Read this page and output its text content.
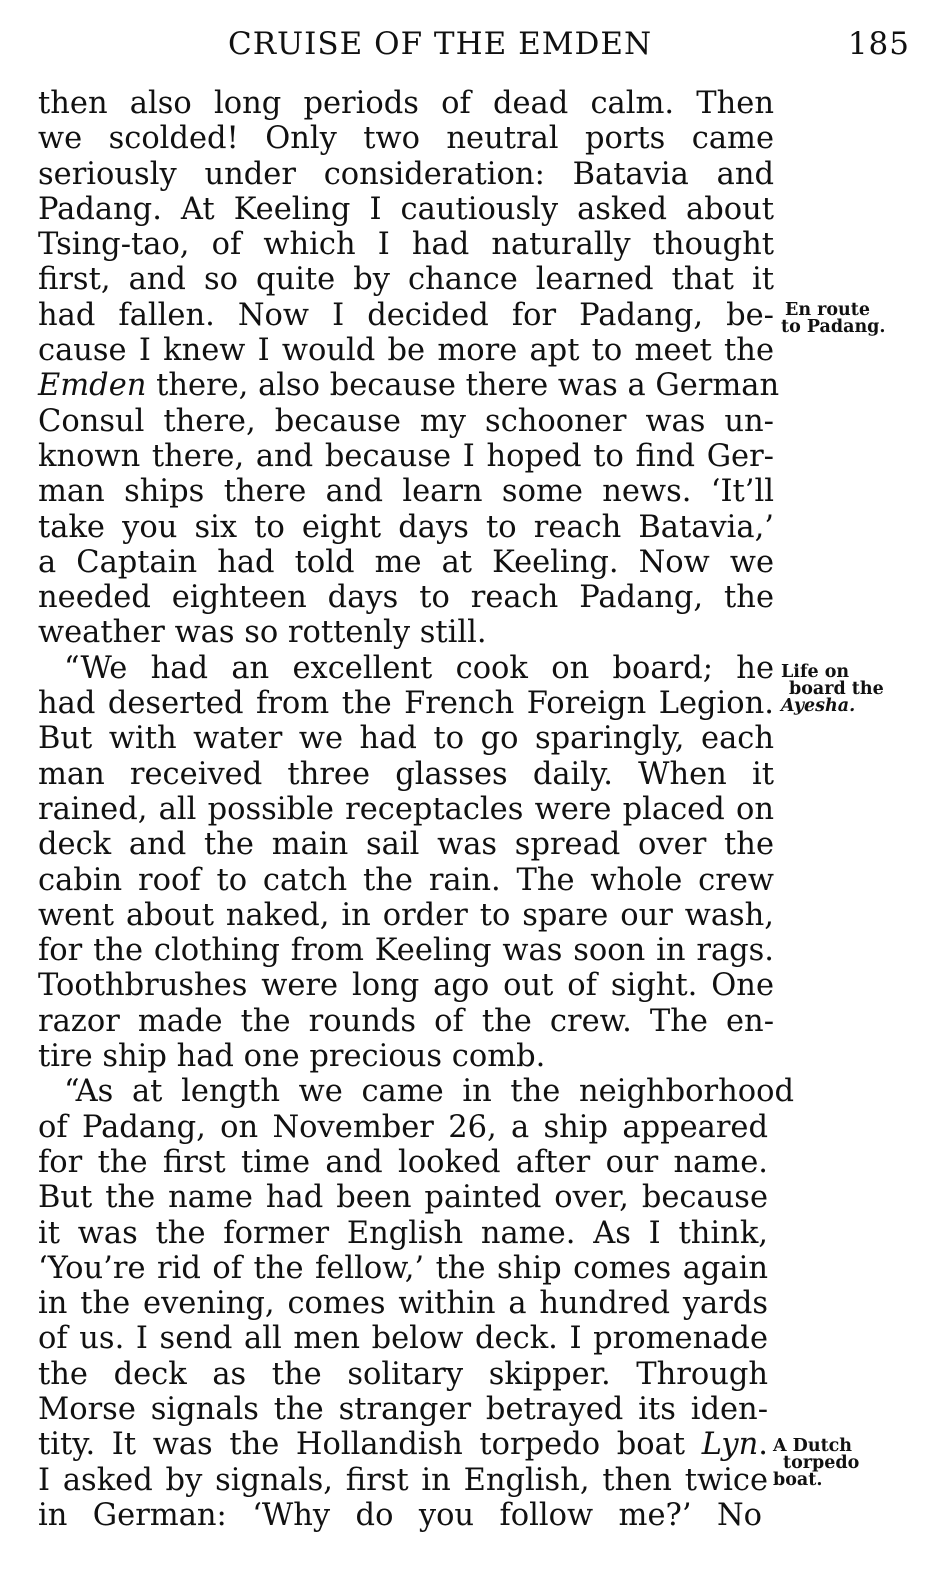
CRUISE OF THE EMDEN	185
then also long periods of dead calm. Then
we scolded! Only two neutral ports came
seriously under consideration: Batavia and
Padang. At Keeling I cautiously asked about
Tsing-tao, of which I had naturally thought
first, and so quite by chance learned that it
had fallen. Now I decided for Padang, be-
cause I knew I would be more apt to meet the
Emden there, also because there was a German
Consul there, because my schooner was un-
known there, and because I hoped to find Ger-
man ships there and learn some news. ‘It’ll
take you six to eight days to reach Batavia,’
a Captain had told me at Keeling. Now we
needed eighteen days to reach Padang, the
weather was so rottenly still.
“We had an excellent cook on board; he
had deserted from the French Foreign Legion.
But with water we had to go sparingly, each
man received three glasses daily. When it
rained, all possible receptacles were placed on
deck and the main sail was spread over the
cabin roof to catch the rain. The whole crew
went about naked, in order to spare our wash,
for the clothing from Keeling was soon in rags.
Toothbrushes were long ago out of sight. One
razor made the rounds of the crew. The en-
tire ship had one precious comb.
“As at length we came in the neighborhood
of Padang, on November 26, a ship appeared
for the first time and looked after our name.
But the name had been painted over, because
it was the former English name. As I think,
‘You’re rid of the fellow,’ the ship comes again
in the evening, comes within a hundred yards
of us. I send all men below deck. I promenade
the deck as the solitary skipper. Through
Morse signals the stranger betrayed its iden-
tity. It was the Hollandish torpedo boat Lyn.
I asked by signals, first in English, then twice
in German: ‘Why do you follow me?’ No
En route
to Padang.
Life on
board the
Ayesha.
A Dutch
torpedo
boat.
